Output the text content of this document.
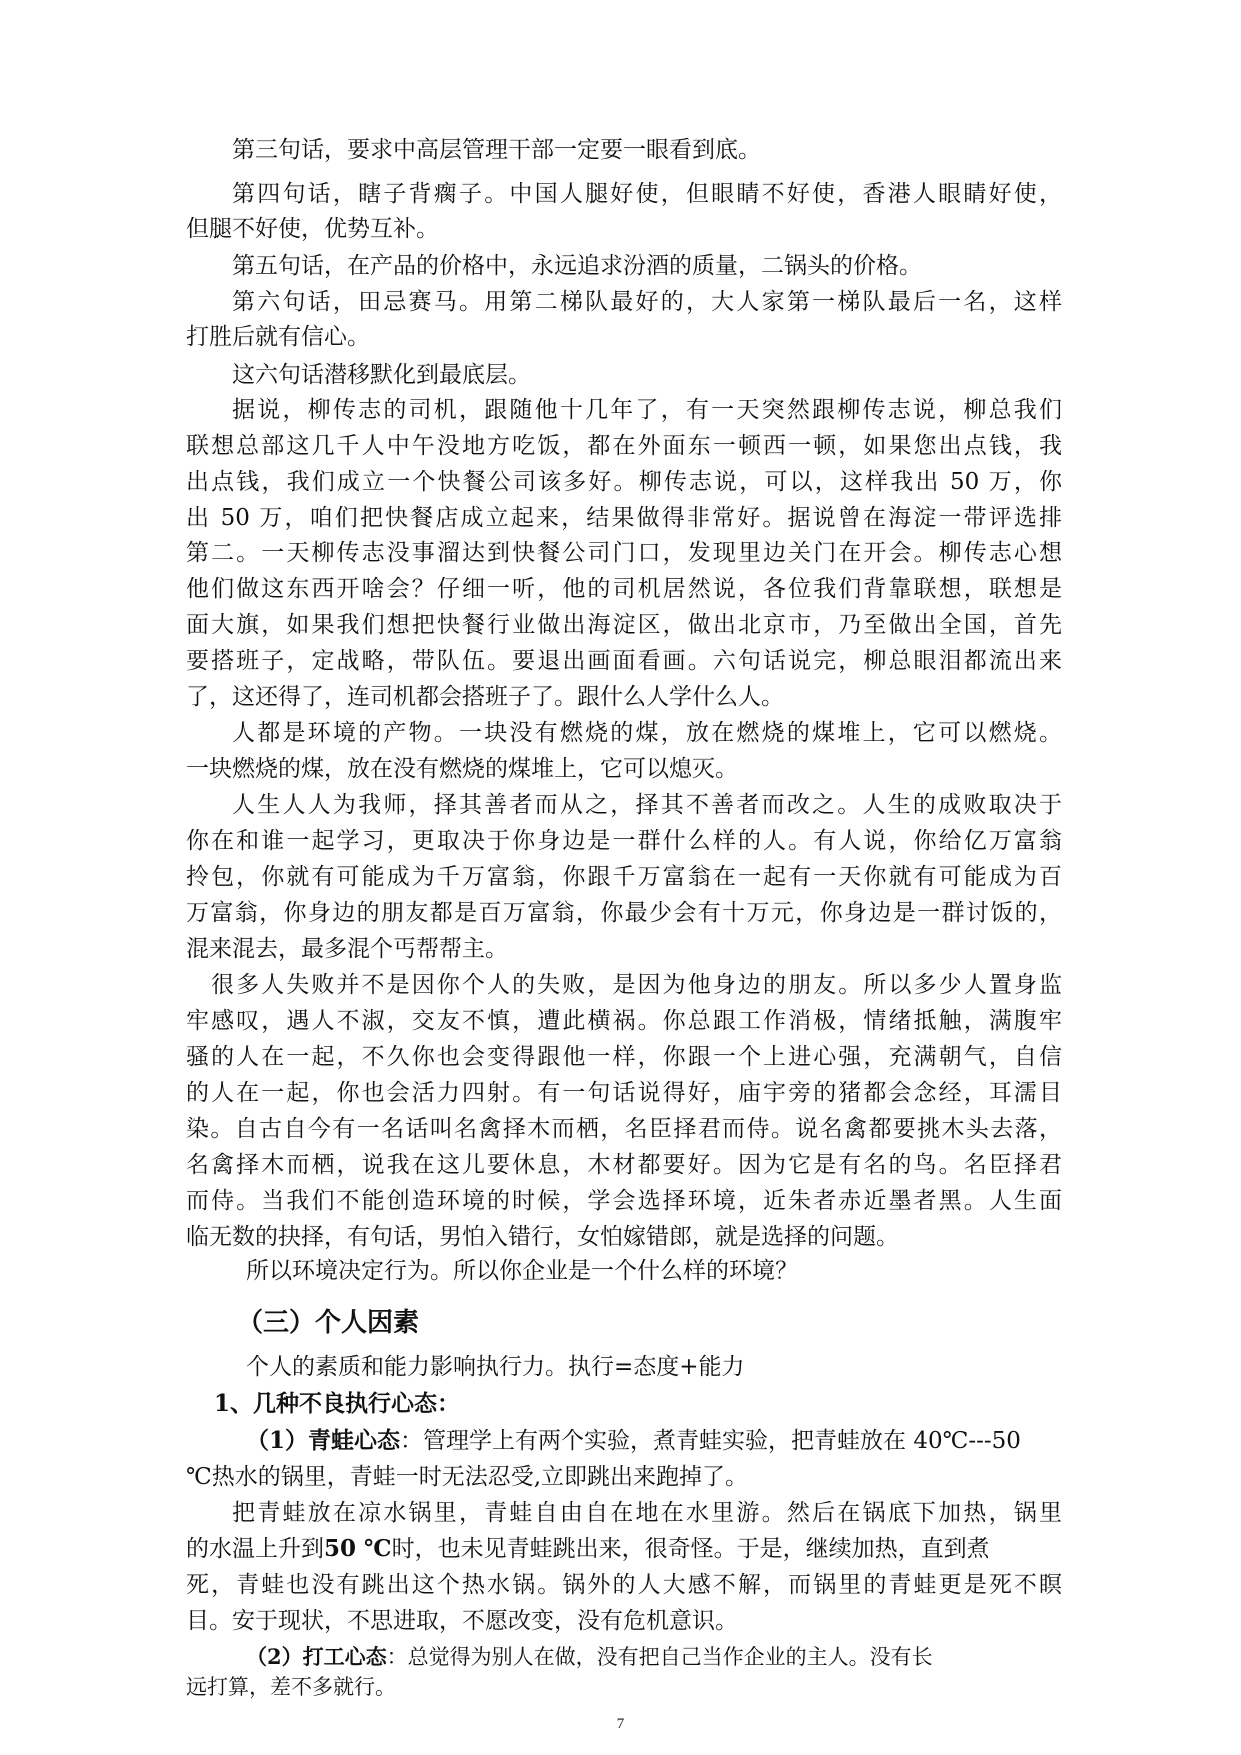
第三句话，要求中高层管理干部一定要一眼看到底。
第四句话，瞎子背瘸子。中国人腿好使，但眼睛不好使，香港人眼睛好使，
但腿不好使，优势互补。
第五句话，在产品的价格中，永远追求汾酒的质量，二锅头的价格。
第六句话，田忌赛马。用第二梯队最好的，大人家第一梯队最后一名，这样
打胜后就有信心。
这六句话潜移默化到最底层。
据说，柳传志的司机，跟随他十几年了，有一天突然跟柳传志说，柳总我们
联想总部这几千人中午没地方吃饭，都在外面东一顿西一顿，如果您出点钱，我
出点钱，我们成立一个快餐公司该多好。柳传志说，可以，这样我出 50 万，你
出 50 万，咱们把快餐店成立起来，结果做得非常好。据说曾在海淀一带评选排
第二。一天柳传志没事溜达到快餐公司门口，发现里边关门在开会。柳传志心想
他们做这东西开啥会？仔细一听，他的司机居然说，各位我们背靠联想，联想是
面大旗，如果我们想把快餐行业做出海淀区，做出北京市，乃至做出全国，首先
要搭班子，定战略，带队伍。要退出画面看画。六句话说完，柳总眼泪都流出来
了，这还得了，连司机都会搭班子了。跟什么人学什么人。
人都是环境的产物。一块没有燃烧的煤，放在燃烧的煤堆上，它可以燃烧。
一块燃烧的煤，放在没有燃烧的煤堆上，它可以熄灭。
人生人人为我师，择其善者而从之，择其不善者而改之。人生的成败取决于
你在和谁一起学习，更取决于你身边是一群什么样的人。有人说，你给亿万富翁
拎包，你就有可能成为千万富翁，你跟千万富翁在一起有一天你就有可能成为百
万富翁，你身边的朋友都是百万富翁，你最少会有十万元，你身边是一群讨饭的，
混来混去，最多混个丐帮帮主。
很多人失败并不是因你个人的失败，是因为他身边的朋友。所以多少人置身监
牢感叹，遇人不淑，交友不慎，遭此横祸。你总跟工作消极，情绪抵触，满腹牢
骚的人在一起，不久你也会变得跟他一样，你跟一个上进心强，充满朝气，自信
的人在一起，你也会活力四射。有一句话说得好，庙宇旁的猪都会念经，耳濡目
染。自古自今有一名话叫名禽择木而栖，名臣择君而侍。说名禽都要挑木头去落，
名禽择木而栖，说我在这儿要休息，木材都要好。因为它是有名的鸟。名臣择君
而侍。当我们不能创造环境的时候，学会选择环境，近朱者赤近墨者黑。人生面
临无数的抉择，有句话，男怕入错行，女怕嫁错郎，就是选择的问题。
所以环境决定行为。所以你企业是一个什么样的环境？
（三）个人因素
个人的素质和能力影响执行力。执行=态度+能力
1、几种不良执行心态：
（1）青蛙心态：管理学上有两个实验，煮青蛙实验，把青蛙放在 40℃---50
℃热水的锅里，青蛙一时无法忍受,立即跳出来跑掉了。
把青蛙放在凉水锅里，青蛙自由自在地在水里游。然后在锅底下加热，锅里
的水温上升到50 ℃时，也未见青蛙跳出来，很奇怪。于是，继续加热，直到煮
死，青蛙也没有跳出这个热水锅。锅外的人大感不解，而锅里的青蛙更是死不瞑
目。安于现状，不思进取，不愿改变，没有危机意识。
（2）打工心态：总觉得为别人在做，没有把自己当作企业的主人。没有长
远打算，差不多就行。
7
